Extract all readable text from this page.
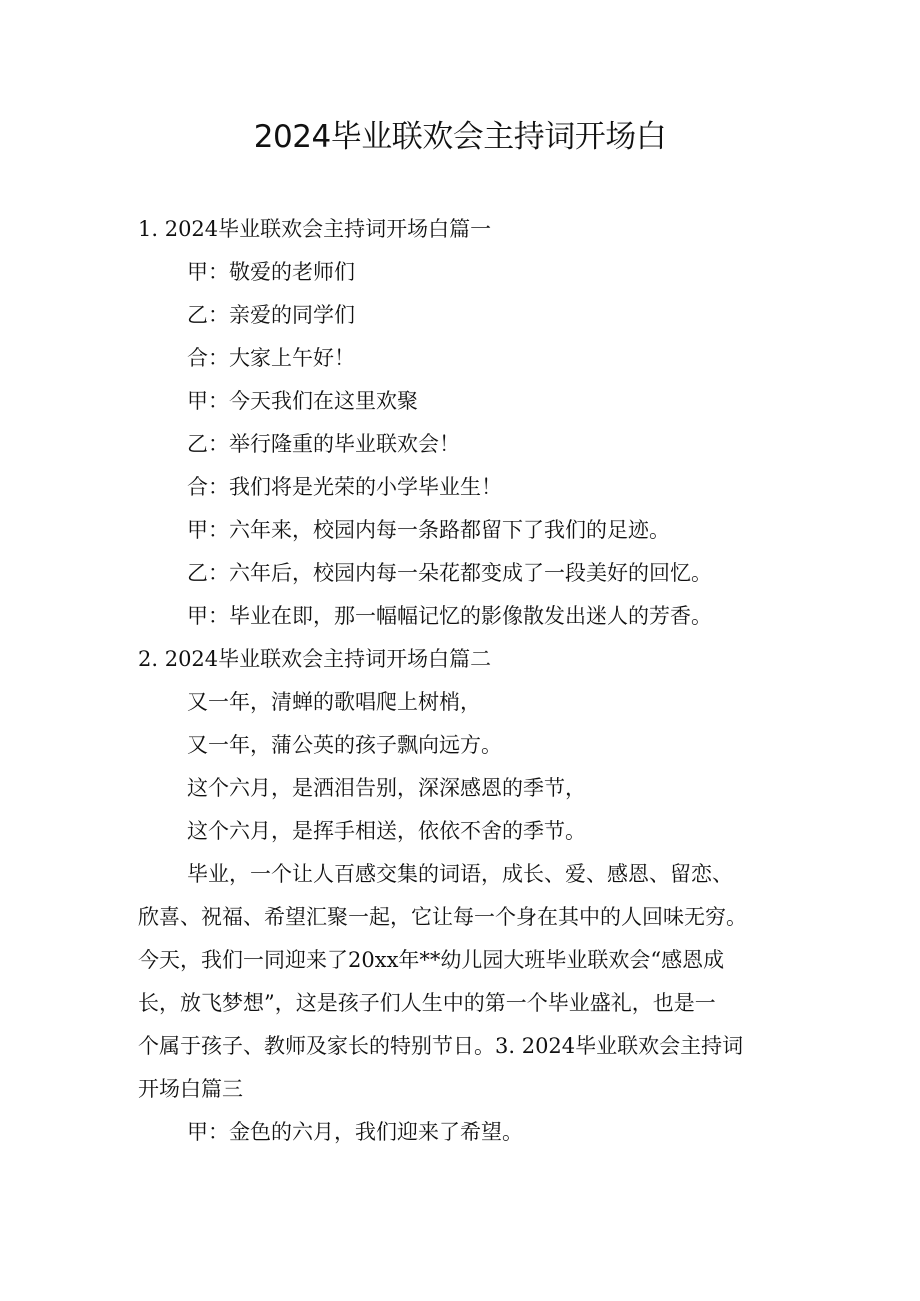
2024毕业联欢会主持词开场白
1. 2024毕业联欢会主持词开场白篇一
甲：敬爱的老师们
乙：亲爱的同学们
合：大家上午好！
甲：今天我们在这里欢聚
乙：举行隆重的毕业联欢会！
合：我们将是光荣的小学毕业生！
甲：六年来，校园内每一条路都留下了我们的足迹。
乙：六年后，校园内每一朵花都变成了一段美好的回忆。
甲：毕业在即，那一幅幅记忆的影像散发出迷人的芳香。
2. 2024毕业联欢会主持词开场白篇二
又一年，清蝉的歌唱爬上树梢，
又一年，蒲公英的孩子飘向远方。
这个六月，是洒泪告别，深深感恩的季节，
这个六月，是挥手相送，依依不舍的季节。
毕业，一个让人百感交集的词语，成长、爱、感恩、留恋、
欣喜、祝福、希望汇聚一起，它让每一个身在其中的人回味无穷。
今天，我们一同迎来了20xx年**幼儿园大班毕业联欢会“感恩成
长，放飞梦想”，这是孩子们人生中的第一个毕业盛礼，也是一
个属于孩子、教师及家长的特别节日。3. 2024毕业联欢会主持词
开场白篇三
甲：金色的六月，我们迎来了希望。
